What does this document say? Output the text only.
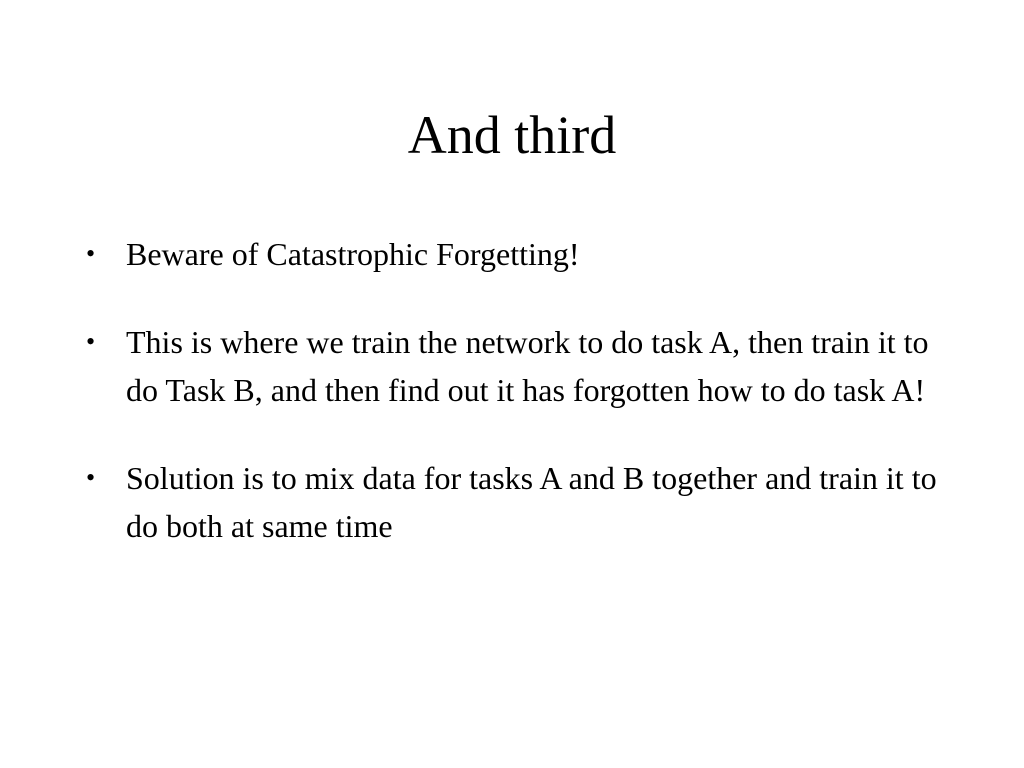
And third
• Beware of Catastrophic Forgetting!
• This is where we train the network to do task A, then train it to do Task B, and then find out it has forgotten how to do task A!
• Solution is to mix data for tasks A and B together and train it to do both at same time
